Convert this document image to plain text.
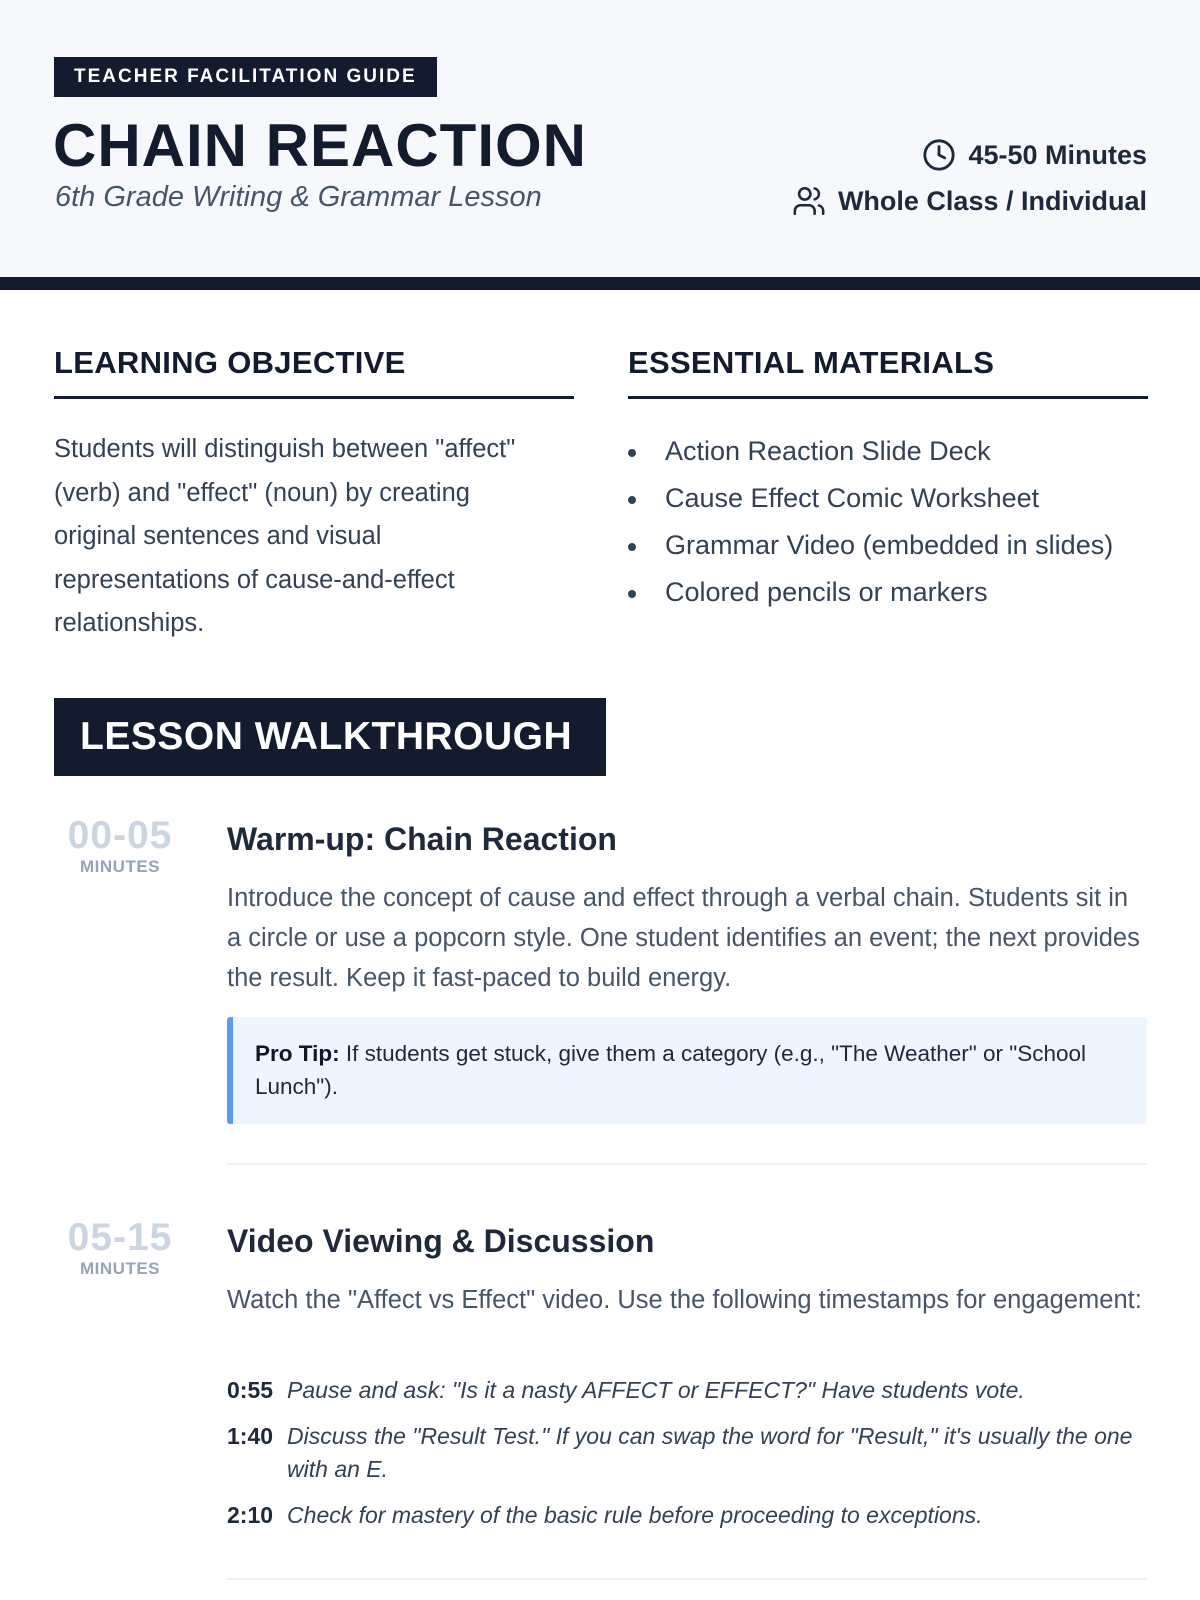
TEACHER FACILITATION GUIDE
CHAIN REACTION
6th Grade Writing & Grammar Lesson
45-50 Minutes
Whole Class / Individual
LEARNING OBJECTIVE

Students will distinguish between "affect" (verb) and "effect" (noun) by creating original sentences and visual representations of cause-and-effect relationships.

ESSENTIAL MATERIALS
Action Reaction Slide Deck
Cause Effect Comic Worksheet
Grammar Video (embedded in slides)
Colored pencils or markers
LESSON WALKTHROUGH
00-05
MINUTES
Warm-up: Chain Reaction

Introduce the concept of cause and effect through a verbal chain. Students sit in a circle or use a popcorn style. One student identifies an event; the next provides the result. Keep it fast-paced to build energy.

Pro Tip: If students get stuck, give them a category (e.g., "The Weather" or "School Lunch").
05-15
MINUTES
Video Viewing & Discussion

Watch the "Affect vs Effect" video. Use the following timestamps for engagement:

0:55 Pause and ask: "Is it a nasty AFFECT or EFFECT?" Have students vote.
1:40 Discuss the "Result Test." If you can swap the word for "Result," it's usually the one with an E.
2:10 Check for mastery of the basic rule before proceeding to exceptions.
